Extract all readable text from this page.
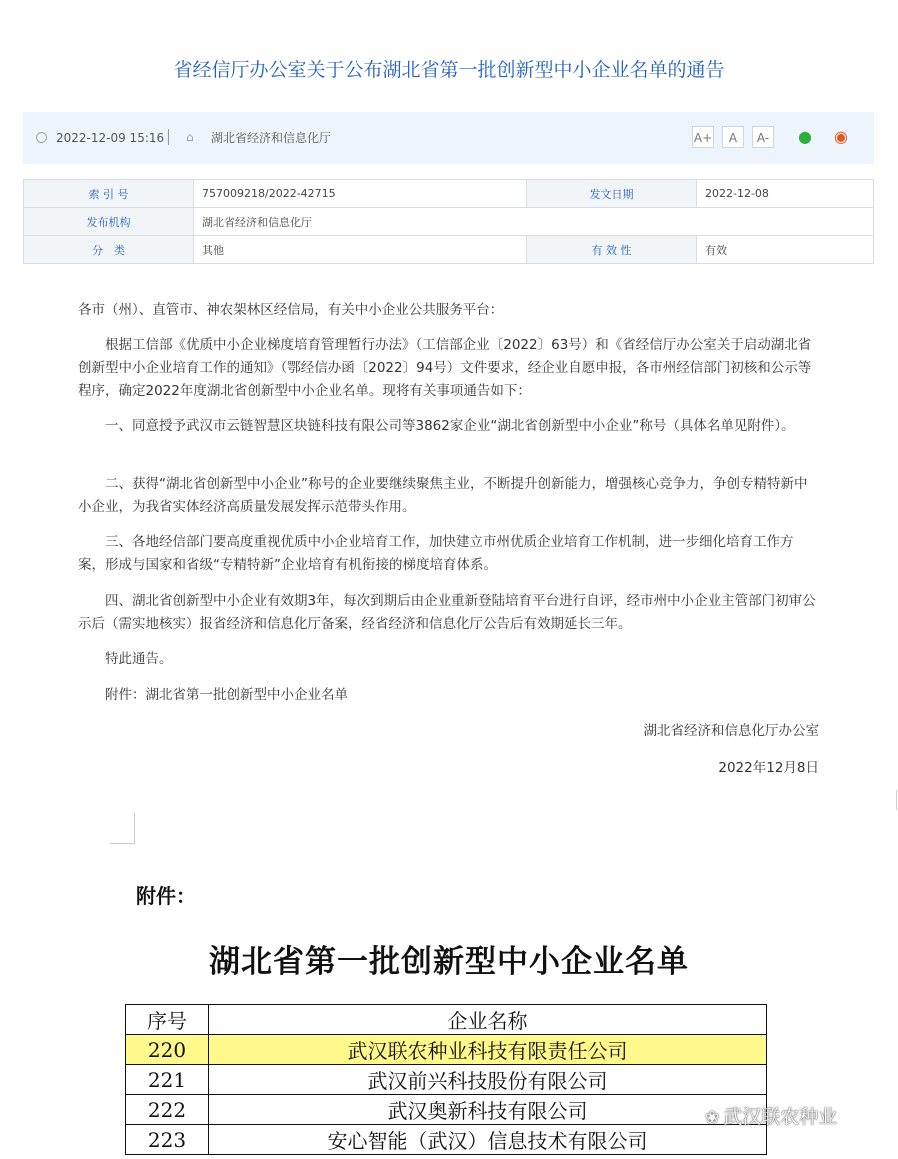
省经信厅办公室关于公布湖北省第一批创新型中小企业名单的通告
2022-12-09 15:16 ⌂	湖北省经济和信息化厅	A+	A	A-	●	◉
索 引 号	757009218/2022-42715	发文日期	2022-12-08
发布机构	湖北省经济和信息化厅		
分　类	其他	有 效 性	有效

各市（州）、直管市、神农架林区经信局，有关中小企业公共服务平台：

根据工信部《优质中小企业梯度培育管理暂行办法》（工信部企业〔2022〕63号）和《省经信厅办公室关于启动湖北省创新型中小企业培育工作的通知》（鄂经信办函〔2022〕94号）文件要求，经企业自愿申报，各市州经信部门初核和公示等程序，确定2022年度湖北省创新型中小企业名单。现将有关事项通告如下：

一、同意授予武汉市云链智慧区块链科技有限公司等3862家企业“湖北省创新型中小企业”称号（具体名单见附件）。

二、获得“湖北省创新型中小企业”称号的企业要继续聚焦主业，不断提升创新能力，增强核心竞争力，争创专精特新中小企业，为我省实体经济高质量发展发挥示范带头作用。

三、各地经信部门要高度重视优质中小企业培育工作，加快建立市州优质企业培育工作机制，进一步细化培育工作方案，形成与国家和省级“专精特新”企业培育有机衔接的梯度培育体系。

四、湖北省创新型中小企业有效期3年，每次到期后由企业重新登陆培育平台进行自评，经市州中小企业主管部门初审公示后（需实地核实）报省经济和信息化厅备案，经省经济和信息化厅公告后有效期延长三年。

特此通告。

附件：湖北省第一批创新型中小企业名单

湖北省经济和信息化厅办公室

2022年12月8日

附件：
湖北省第一批创新型中小企业名单
序号	企业名称
220	武汉联农种业科技有限责任公司
221	武汉前兴科技股份有限公司
222	武汉奥新科技有限公司
223	安心智能（武汉）信息技术有限公司
❀ 武汉联农种业
